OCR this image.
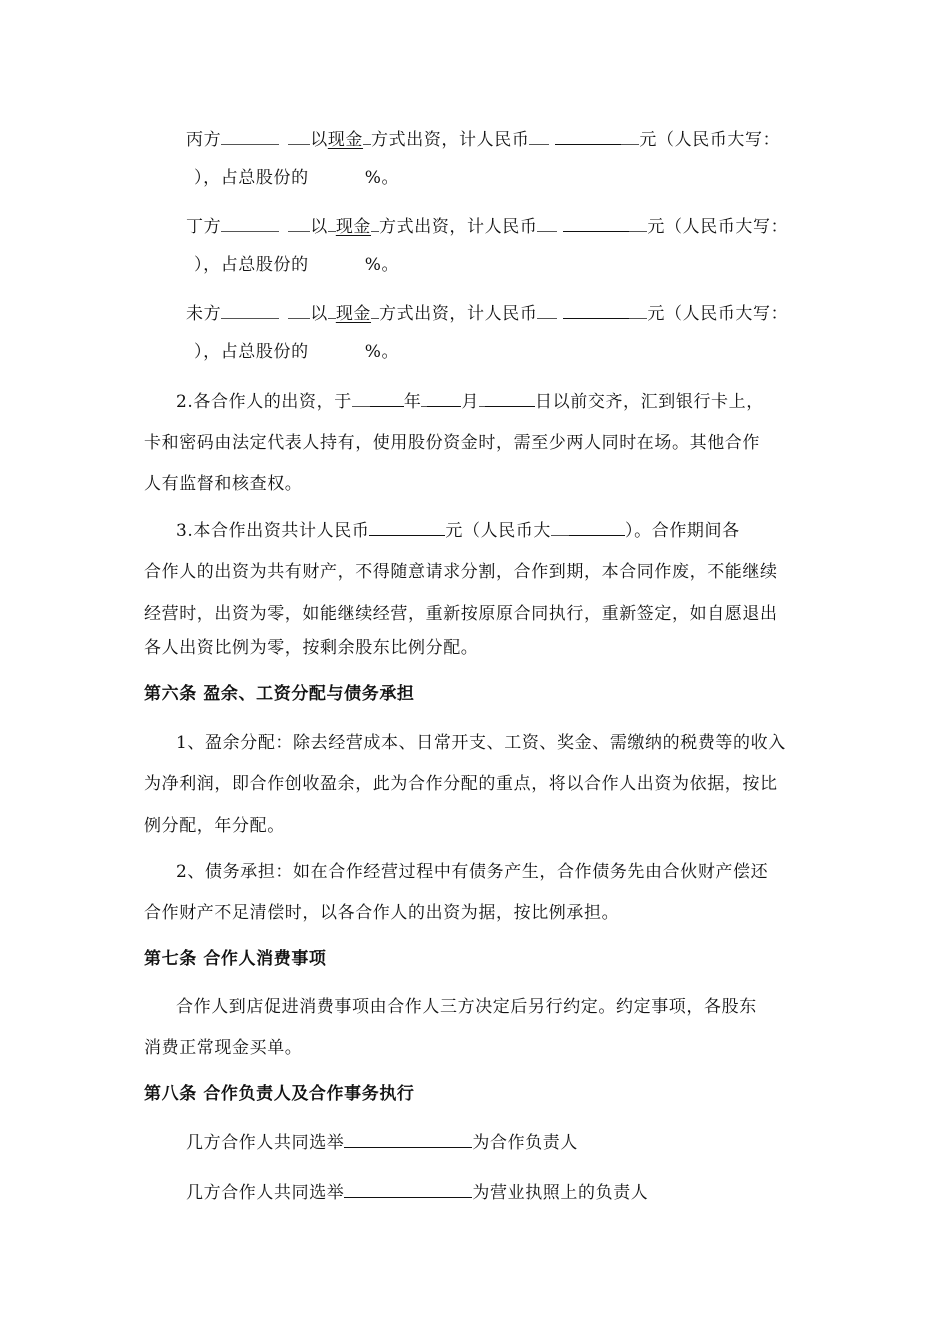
丙方	以现金 方式出资，计人民币	元（人民币大写：
），占总股份的	%。
丁方	以 现金 方式出资，计人民币	元（人民币大写：
），占总股份的	%。
未方	以 现金 方式出资，计人民币	元（人民币大写：
），占总股份的	%。
2.各合作人的出资，于	年 月	日以前交齐，汇到银行卡上，
卡和密码由法定代表人持有，使用股份资金时，需至少两人同时在场。其他合作
人有监督和核查权。
3.本合作出资共计人民币	元（人民币大	）。合作期间各
合作人的出资为共有财产，不得随意请求分割，合作到期，本合同作废，不能继续
经营时，出资为零，如能继续经营，重新按原原合同执行，重新签定，如自愿退出
各人出资比例为零，按剩余股东比例分配。
第六条 盈余、工资分配与债务承担
1、盈余分配：除去经营成本、日常开支、工资、奖金、需缴纳的税费等的收入
为净利润，即合作创收盈余，此为合作分配的重点，将以合作人出资为依据，按比
例分配，年分配。
2、债务承担：如在合作经营过程中有债务产生，合作债务先由合伙财产偿还
合作财产不足清偿时，以各合作人的出资为据，按比例承担。
第七条 合作人消费事项
合作人到店促进消费事项由合作人三方决定后另行约定。约定事项，各股东
消费正常现金买单。
第八条 合作负责人及合作事务执行
几方合作人共同选举	为合作负责人
几方合作人共同选举	为营业执照上的负责人
